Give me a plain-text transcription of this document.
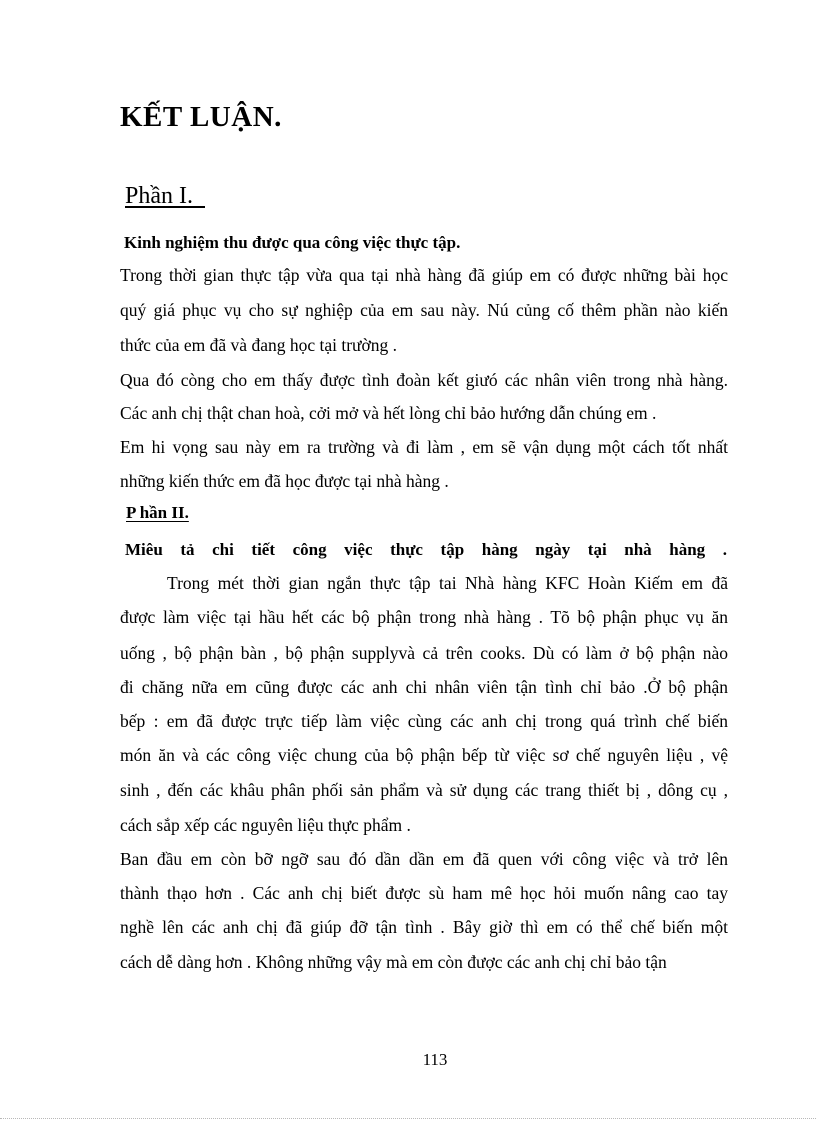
KẾT LUẬN.
Phần I.
Kinh nghiệm thu được qua công việc thực tập.
Trong thời gian thực tập vừa qua tại nhà hàng đã giúp em có được những bài học
quý giá phục vụ cho sự nghiệp của em sau này. Nú củng cố thêm phần nào kiến
thức của em đã và đang học tại trường .
Qua đó còng cho em thấy được tình đoàn kết giưó các nhân viên trong nhà hàng.
Các anh chị thật chan hoà, cởi mở và hết lòng chỉ bảo hướng dẫn chúng em .
Em hi vọng sau này em ra trường và đi làm , em sẽ vận dụng một cách tốt nhất
những kiến thức em đã học được tại nhà hàng .
P hần II.
Miêu tả chi tiết công việc thực tập hàng ngày tại nhà hàng .
Trong mét thời gian ngắn thực tập tai Nhà hàng KFC Hoàn Kiếm em đã
được làm việc tại hầu hết các bộ phận trong nhà hàng . Tõ bộ phận phục vụ ăn
uống , bộ phận bàn , bộ phận supplyvà cả trên cooks. Dù có làm ở bộ phận nào
đi chăng nữa em cũng được các anh chi nhân viên tận tình chỉ bảo .Ở bộ phận
bếp : em đã được trực tiếp làm việc cùng các anh chị trong quá trình chế biến
món ăn và các công việc chung của bộ phận bếp từ việc sơ chế nguyên liệu , vệ
sinh , đến các khâu phân phối sản phẩm và sử dụng các trang thiết bị , dông cụ ,
cách sắp xếp các nguyên liệu thực phẩm .
Ban đầu em còn bỡ ngỡ sau đó dần dần em đã quen với công việc và trở lên
thành thạo hơn . Các anh chị biết được sù ham mê học hỏi muốn nâng cao tay
nghề lên các anh chị đã giúp đỡ tận tình . Bây giờ thì em có thể chế biến một
cách dễ dàng hơn . Không những vậy mà em còn được các anh chị chỉ bảo tận
113
